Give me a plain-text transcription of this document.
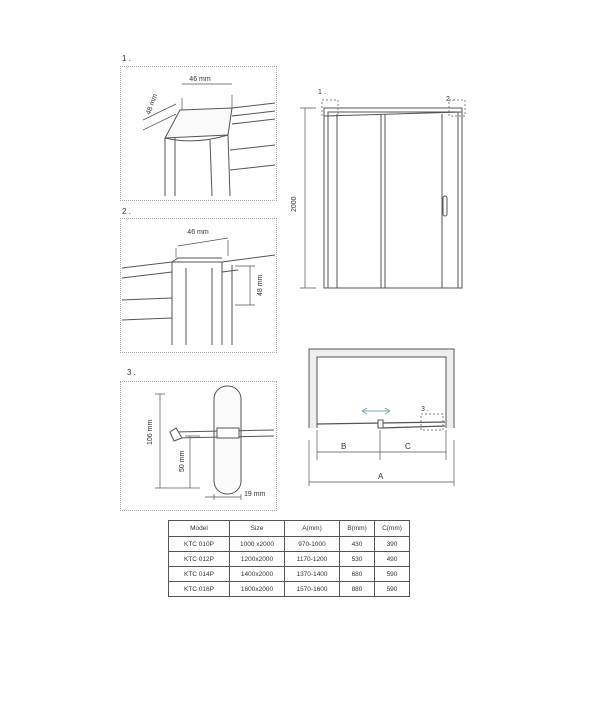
1 .
2 .
3 .
46 mm
48 mm
46 mm
48 mm
106 mm
50 mm
19 mm
1 .
2 .
2000
3 .
B	C
A
Model	Size	A(mm)	B(mm)	C(mm)
KTC 010P	1000 x2000	970-1000	430	390
KTC 012P	1200x2000	1170-1200	530	490
KTC 014P	1400x2000	1370-1400	680	590
KTC 016P	1600x2000	1570-1600	880	590
